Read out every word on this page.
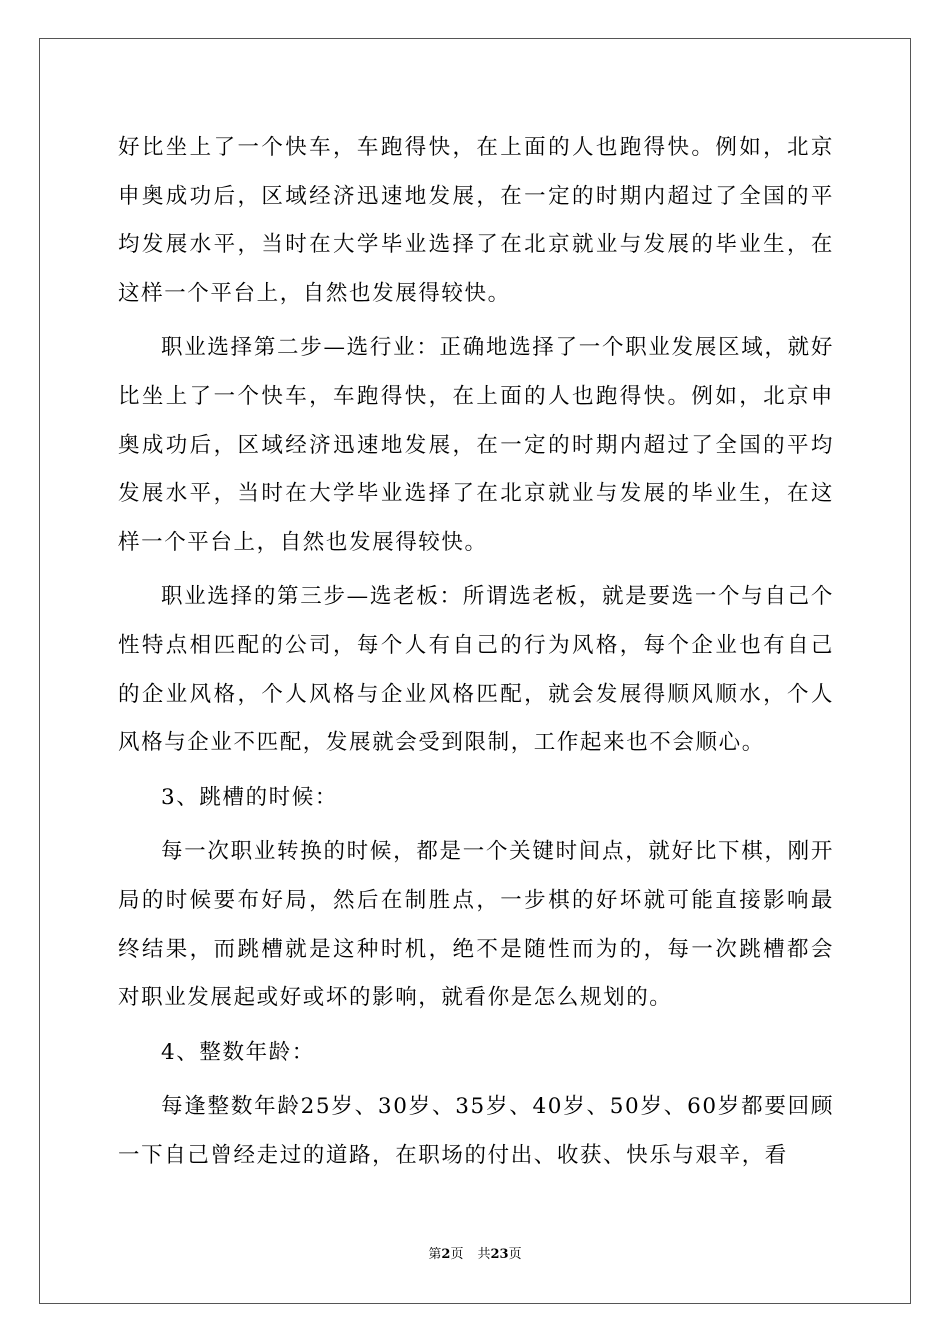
好比坐上了一个快车，车跑得快，在上面的人也跑得快。例如，北京申奥成功后，区域经济迅速地发展，在一定的时期内超过了全国的平均发展水平，当时在大学毕业选择了在北京就业与发展的毕业生，在这样一个平台上，自然也发展得较快。

职业选择第二步—选行业：正确地选择了一个职业发展区域，就好比坐上了一个快车，车跑得快，在上面的人也跑得快。例如，北京申奥成功后，区域经济迅速地发展，在一定的时期内超过了全国的平均发展水平，当时在大学毕业选择了在北京就业与发展的毕业生，在这样一个平台上，自然也发展得较快。

职业选择的第三步—选老板：所谓选老板，就是要选一个与自己个性特点相匹配的公司，每个人有自己的行为风格，每个企业也有自己的企业风格，个人风格与企业风格匹配，就会发展得顺风顺水，个人风格与企业不匹配，发展就会受到限制，工作起来也不会顺心。

3、跳槽的时候：

每一次职业转换的时候，都是一个关键时间点，就好比下棋，刚开局的时候要布好局，然后在制胜点，一步棋的好坏就可能直接影响最终结果，而跳槽就是这种时机，绝不是随性而为的，每一次跳槽都会对职业发展起或好或坏的影响，就看你是怎么规划的。

4、整数年龄：

每逢整数年龄25岁、30岁、35岁、40岁、50岁、60岁都要回顾一下自己曾经走过的道路，在职场的付出、收获、快乐与艰辛，看

第2页 共23页
